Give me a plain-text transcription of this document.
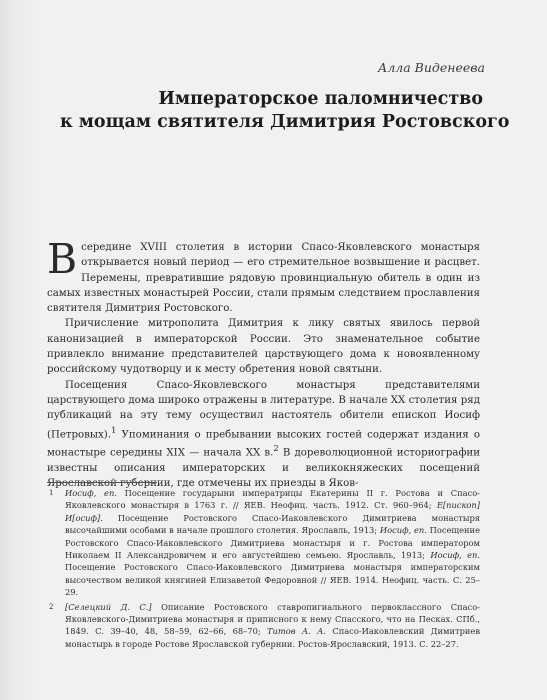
Алла Виденеева
Императорское паломничество
к мощам святителя Димитрия Ростовского

Всередине XVIII столетия в истории Спасо-Яковлевского монастыря открывается новый период — его стремительное возвышение и расцвет. Перемены, превратившие рядовую провинциальную обитель в один из самых известных монастырей России, стали прямым следствием прославления святителя Димитрия Ростовского.

Причисление митрополита Димитрия к лику святых явилось первой канонизацией в императорской России. Это знаменательное событие привлекло внимание представителей царствующего дома к новоявленному российскому чудотворцу и к месту обретения новой святыни.

Посещения Спасо-Яковлевского монастыря представителями царствующего дома широко отражены в литературе. В начале XX столетия ряд публикаций на эту тему осуществил настоятель обители епископ Иосиф (Петровых).$^1$ Упоминания о пребывании высоких гостей содержат издания о монастыре середины XIX — начала XX в.$^2$ В дореволюционной историографии известны описания императорских и великокняжеских посещений Ярославской губернии, где отмечены их приезды в Яков-

1 Иосиф, еп. Посещение государыни императрицы Екатерины II г. Ростова и Спасо-Яковлевского монастыря в 1763 г. // ЯЕВ. Неофиц. часть. 1912. Ст. 960–964; Е[пископ] И[осиф]. Посещение Ростовского Спасо-Иаковлевского Димитриева монастыря высочайшими особами в начале прошлого столетия. Ярославль, 1913; Иосиф, еп. Посещение Ростовского Спасо-Иаковлевского Димитриева монастыря и г. Ростова императором Николаем II Александровичем и его августейшею семьею. Ярославль, 1913; Иосиф, еп. Посещение Ростовского Спасо-Иаковлевского Димитриева монастыря императорским высочеством великой княгиней Елизаветой Федоровной // ЯЕВ. 1914. Неофиц. часть. С. 25–29.
2 [Селецкий Д. С.] Описание Ростовского ставропигиального первоклассного Спасо-Яковлевского-Димитриева монастыря и приписного к нему Спасского, что на Песках. СПб., 1849. С. 39–40, 48, 58–59, 62–66, 68–70; Титов А. А. Спасо-Иаковлевский Димитриев монастырь в городе Ростове Ярославской губернии. Ростов-Ярославский, 1913. С. 22–27.
